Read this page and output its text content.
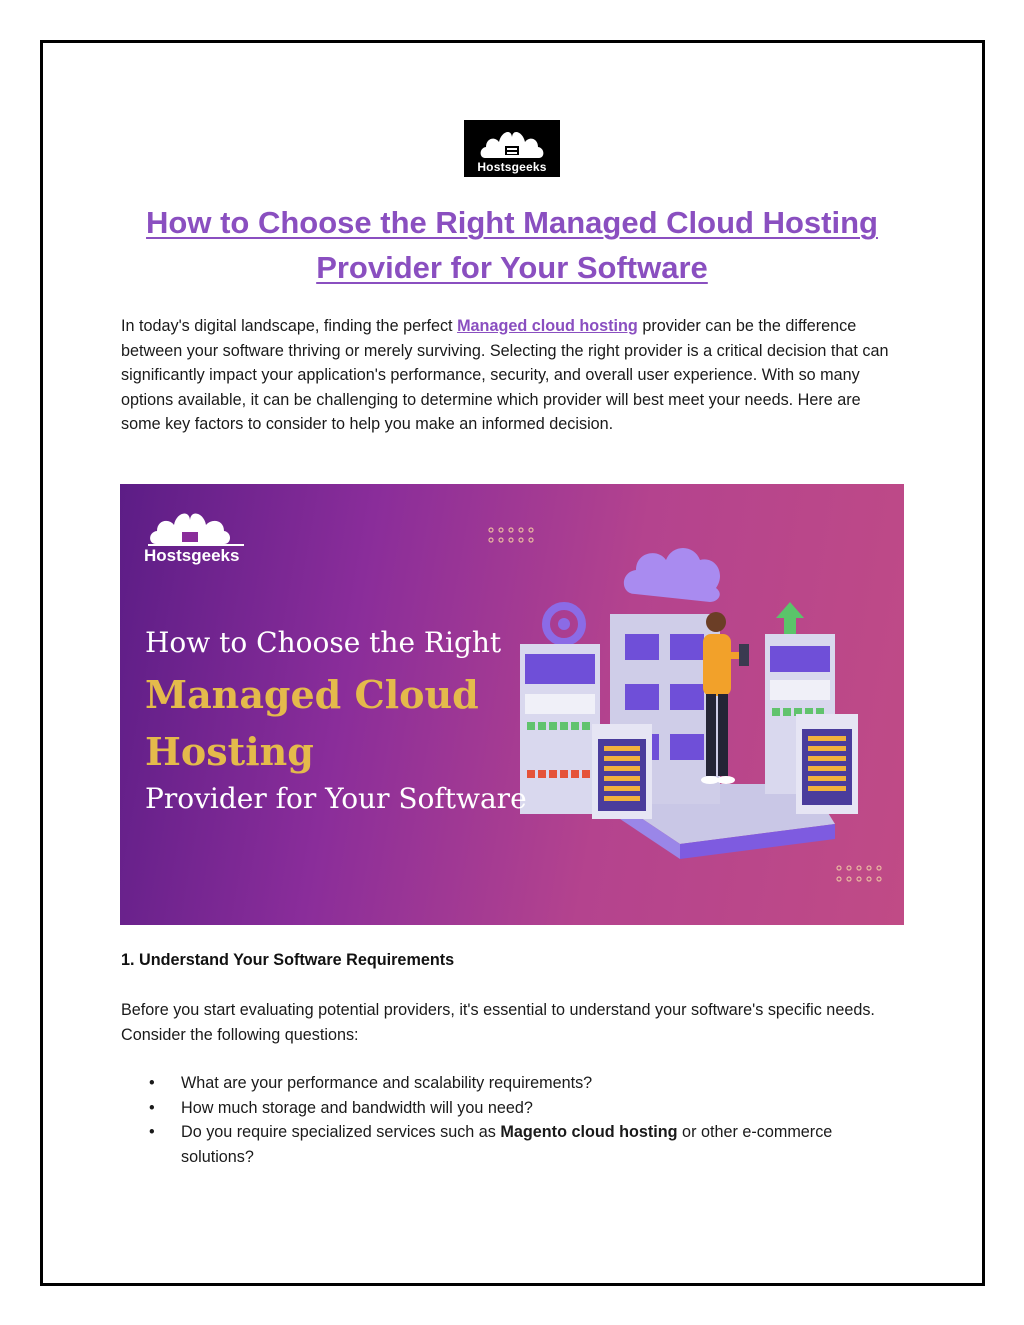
Hostsgeeks
How to Choose the Right Managed Cloud Hosting Provider for Your Software

In today's digital landscape, finding the perfect Managed cloud hosting provider can be the difference between your software thriving or merely surviving. Selecting the right provider is a critical decision that can significantly impact your application's performance, security, and overall user experience. With so many options available, it can be challenging to determine which provider will best meet your needs. Here are some key factors to consider to help you make an informed decision.

Hostsgeeks
How to Choose the Right
Managed Cloud
Hosting
Provider for Your Software
1. Understand Your Software Requirements

Before you start evaluating potential providers, it's essential to understand your software's specific needs. Consider the following questions:

• What are your performance and scalability requirements?
• How much storage and bandwidth will you need?
• Do you require specialized services such as Magento cloud hosting or other e-commerce solutions?
